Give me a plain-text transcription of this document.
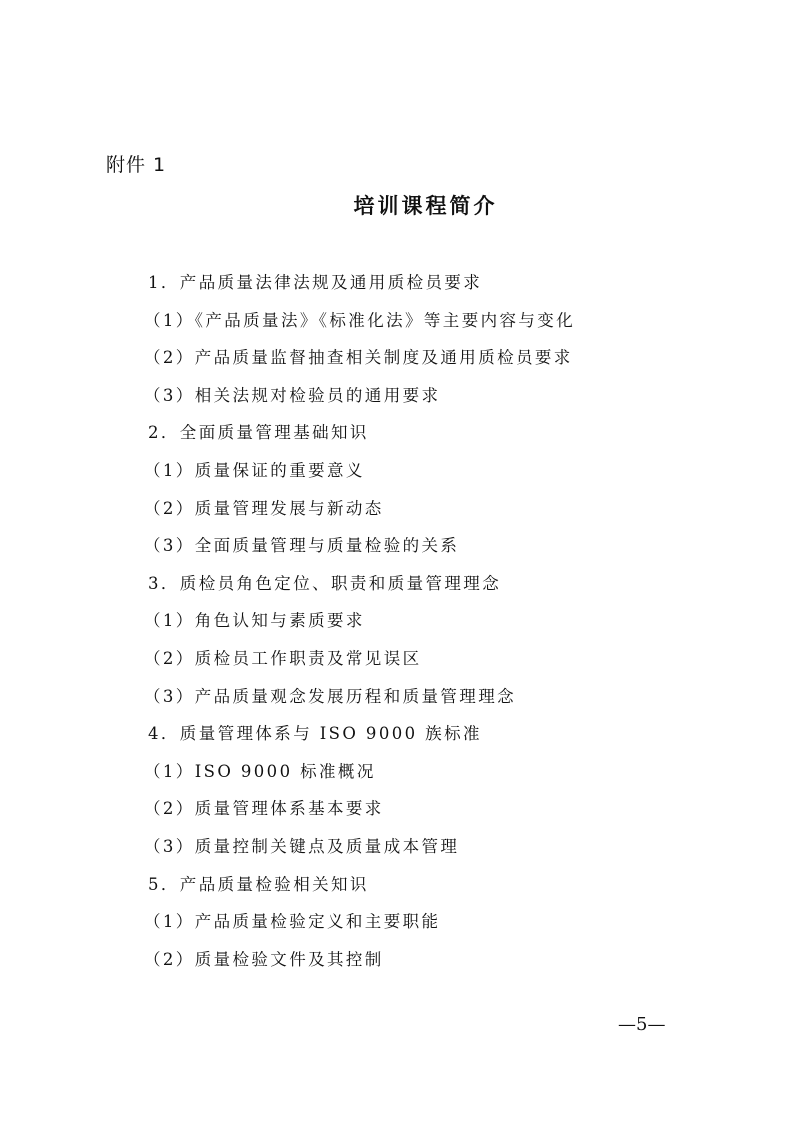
附件 1
培训课程简介
1．产品质量法律法规及通用质检员要求
（1）《产品质量法》《标准化法》等主要内容与变化
（2）产品质量监督抽查相关制度及通用质检员要求
（3）相关法规对检验员的通用要求
2．全面质量管理基础知识
（1）质量保证的重要意义
（2）质量管理发展与新动态
（3）全面质量管理与质量检验的关系
3．质检员角色定位、职责和质量管理理念
（1）角色认知与素质要求
（2）质检员工作职责及常见误区
（3）产品质量观念发展历程和质量管理理念
4．质量管理体系与 ISO 9000 族标准
（1）ISO 9000 标准概况
（2）质量管理体系基本要求
（3）质量控制关键点及质量成本管理
5．产品质量检验相关知识
（1）产品质量检验定义和主要职能
（2）质量检验文件及其控制
—5—
